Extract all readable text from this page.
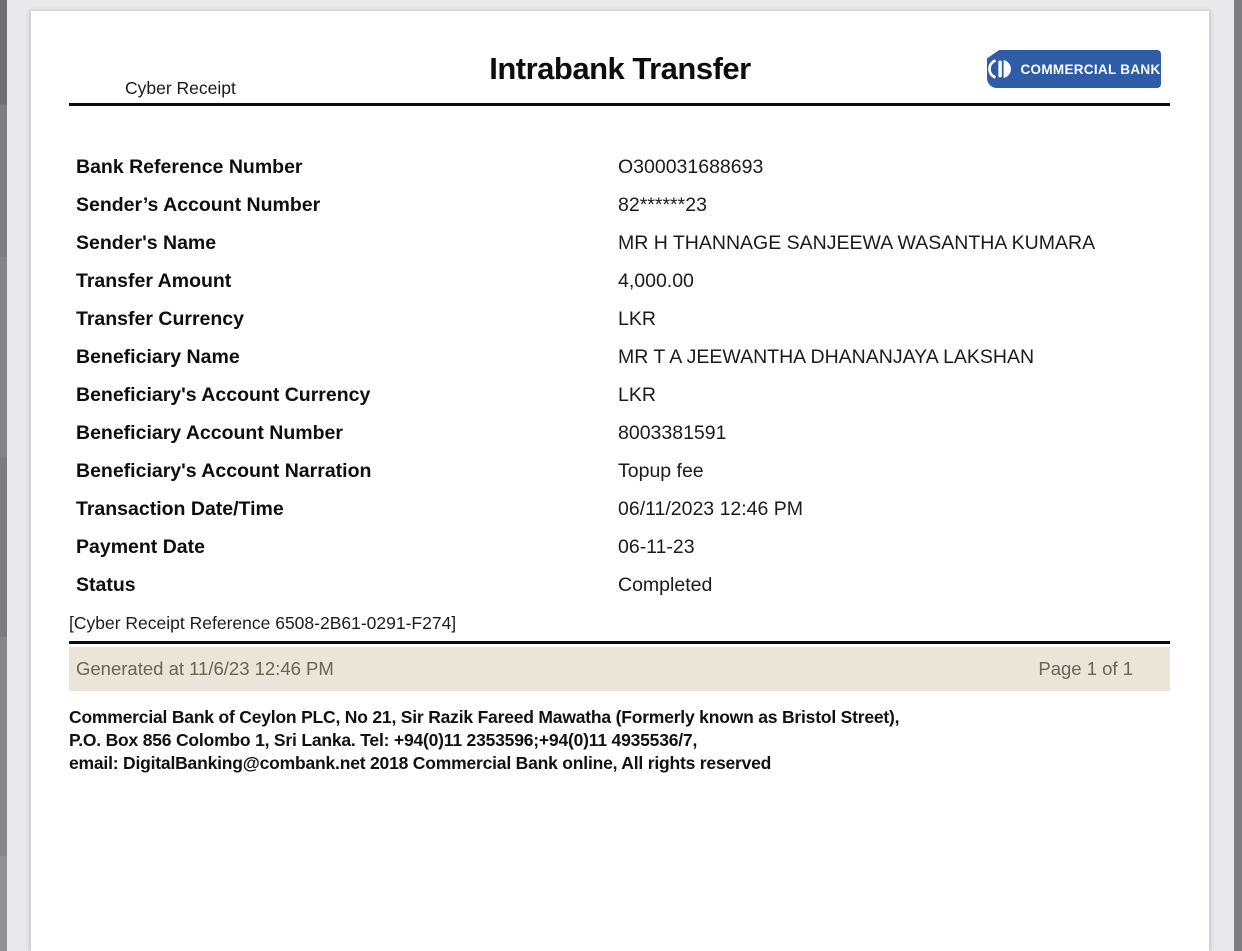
Cyber Receipt
Intrabank Transfer	COMMERCIAL BANK
Bank Reference Number	O300031688693
Sender’s Account Number	82******23
Sender's Name	MR H THANNAGE SANJEEWA WASANTHA KUMARA
Transfer Amount	4,000.00
Transfer Currency	LKR
Beneficiary Name	MR T A JEEWANTHA DHANANJAYA LAKSHAN
Beneficiary's Account Currency	LKR
Beneficiary Account Number	8003381591
Beneficiary's Account Narration	Topup fee
Transaction Date/Time	06/11/2023 12:46 PM
Payment Date	06-11-23
Status	Completed
[Cyber Receipt Reference 6508-2B61-0291-F274]
Generated at 11/6/23 12:46 PM	Page 1 of 1
Commercial Bank of Ceylon PLC, No 21, Sir Razik Fareed Mawatha (Formerly known as Bristol Street),
P.O. Box 856 Colombo 1, Sri Lanka. Tel: +94(0)11 2353596;+94(0)11 4935536/7,
email: DigitalBanking@combank.net 2018 Commercial Bank online, All rights reserved
